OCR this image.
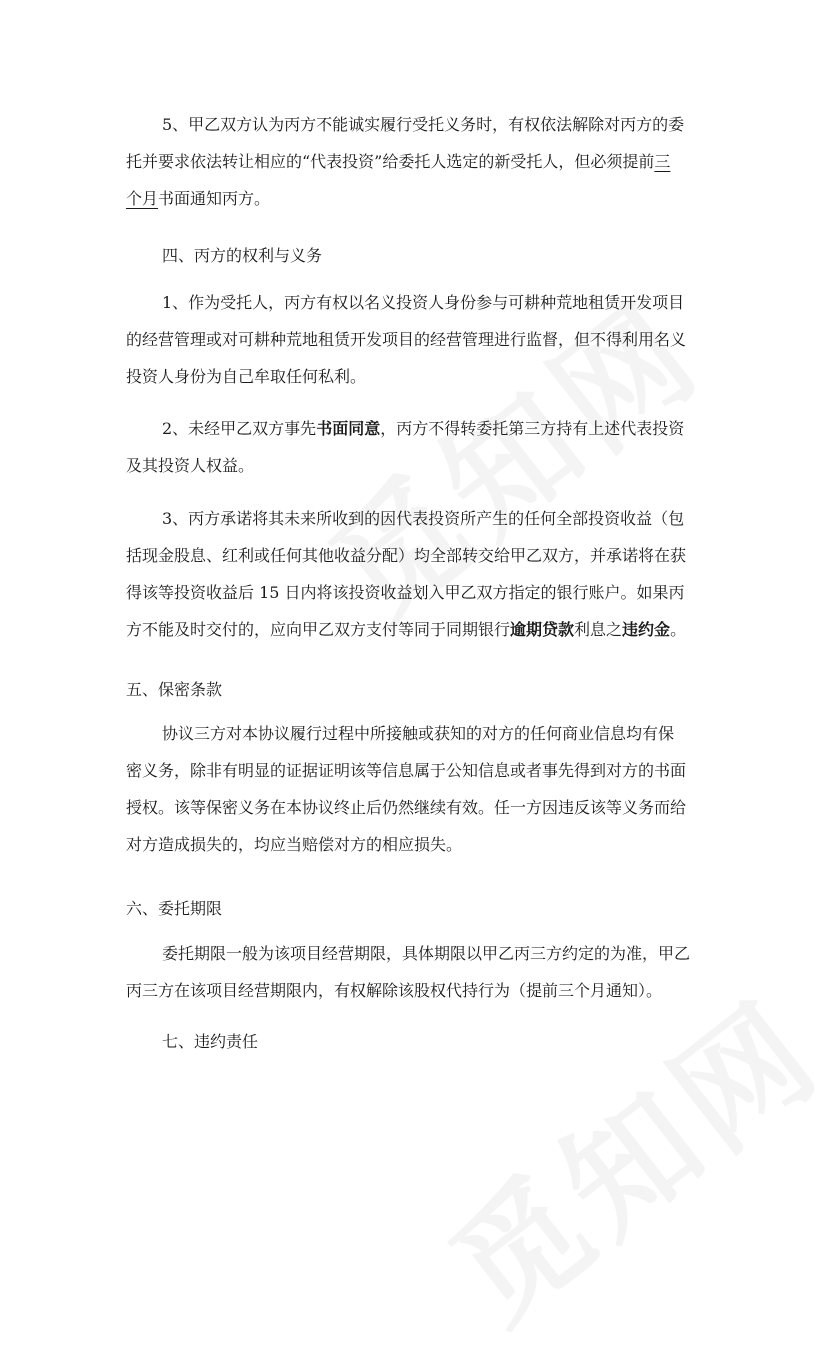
5、甲乙双方认为丙方不能诚实履行受托义务时，有权依法解除对丙方的委
托并要求依法转让相应的“代表投资”给委托人选定的新受托人，但必须提前三
个月书面通知丙方。
四、丙方的权利与义务
1、作为受托人，丙方有权以名义投资人身份参与可耕种荒地租赁开发项目
的经营管理或对可耕种荒地租赁开发项目的经营管理进行监督，但不得利用名义
投资人身份为自己牟取任何私利。
2、未经甲乙双方事先书面同意，丙方不得转委托第三方持有上述代表投资
及其投资人权益。
3、丙方承诺将其未来所收到的因代表投资所产生的任何全部投资收益（包
括现金股息、红利或任何其他收益分配）均全部转交给甲乙双方，并承诺将在获
得该等投资收益后 15 日内将该投资收益划入甲乙双方指定的银行账户。如果丙
方不能及时交付的，应向甲乙双方支付等同于同期银行逾期贷款利息之违约金。
五、保密条款
协议三方对本协议履行过程中所接触或获知的对方的任何商业信息均有保
密义务，除非有明显的证据证明该等信息属于公知信息或者事先得到对方的书面
授权。该等保密义务在本协议终止后仍然继续有效。任一方因违反该等义务而给
对方造成损失的，均应当赔偿对方的相应损失。
六、委托期限
委托期限一般为该项目经营期限，具体期限以甲乙丙三方约定的为准，甲乙
丙三方在该项目经营期限内，有权解除该股权代持行为（提前三个月通知）。
七、违约责任
